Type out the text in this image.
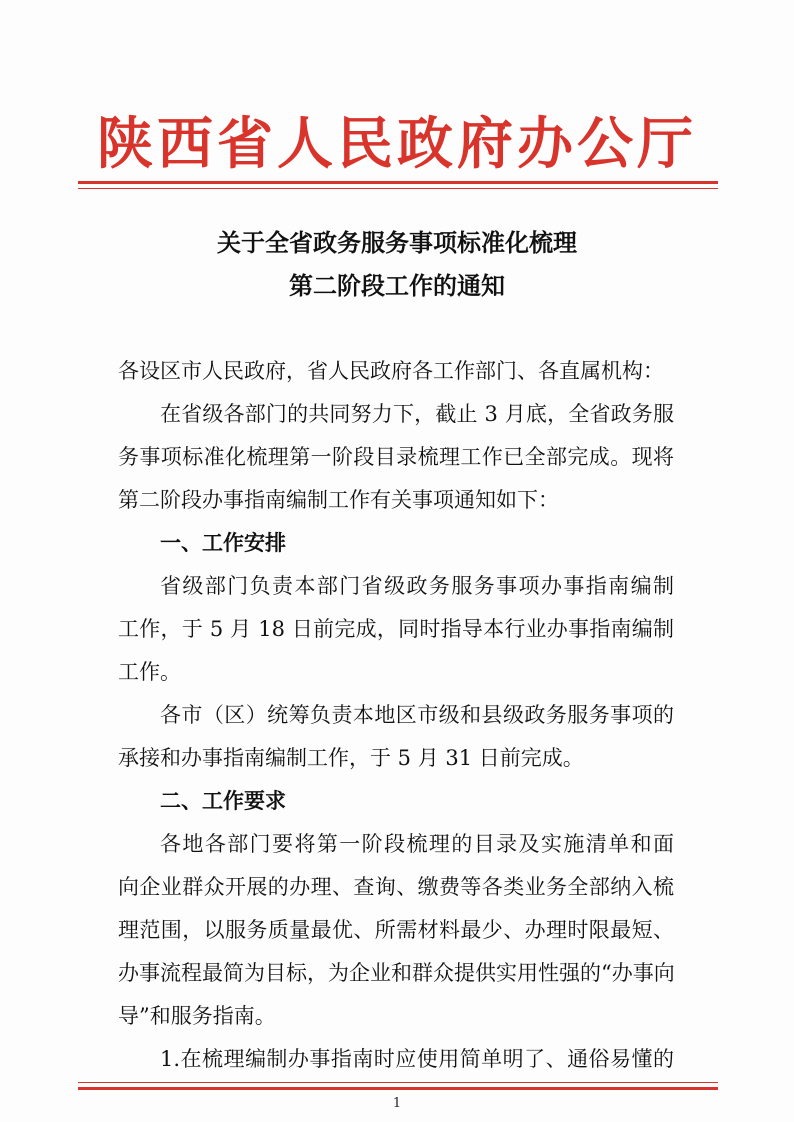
陕西省人民政府办公厅
关于全省政务服务事项标准化梳理
第二阶段工作的通知
各设区市人民政府，省人民政府各工作部门、各直属机构：
在省级各部门的共同努力下，截止 3 月底，全省政务服
务事项标准化梳理第一阶段目录梳理工作已全部完成。现将
第二阶段办事指南编制工作有关事项通知如下：
一、工作安排
省级部门负责本部门省级政务服务事项办事指南编制
工作，于 5 月 18 日前完成，同时指导本行业办事指南编制
工作。
各市（区）统筹负责本地区市级和县级政务服务事项的
承接和办事指南编制工作，于 5 月 31 日前完成。
二、工作要求
各地各部门要将第一阶段梳理的目录及实施清单和面
向企业群众开展的办理、查询、缴费等各类业务全部纳入梳
理范围，以服务质量最优、所需材料最少、办理时限最短、
办事流程最简为目标，为企业和群众提供实用性强的“办事向
导”和服务指南。
1.在梳理编制办事指南时应使用简单明了、通俗易懂的
1
